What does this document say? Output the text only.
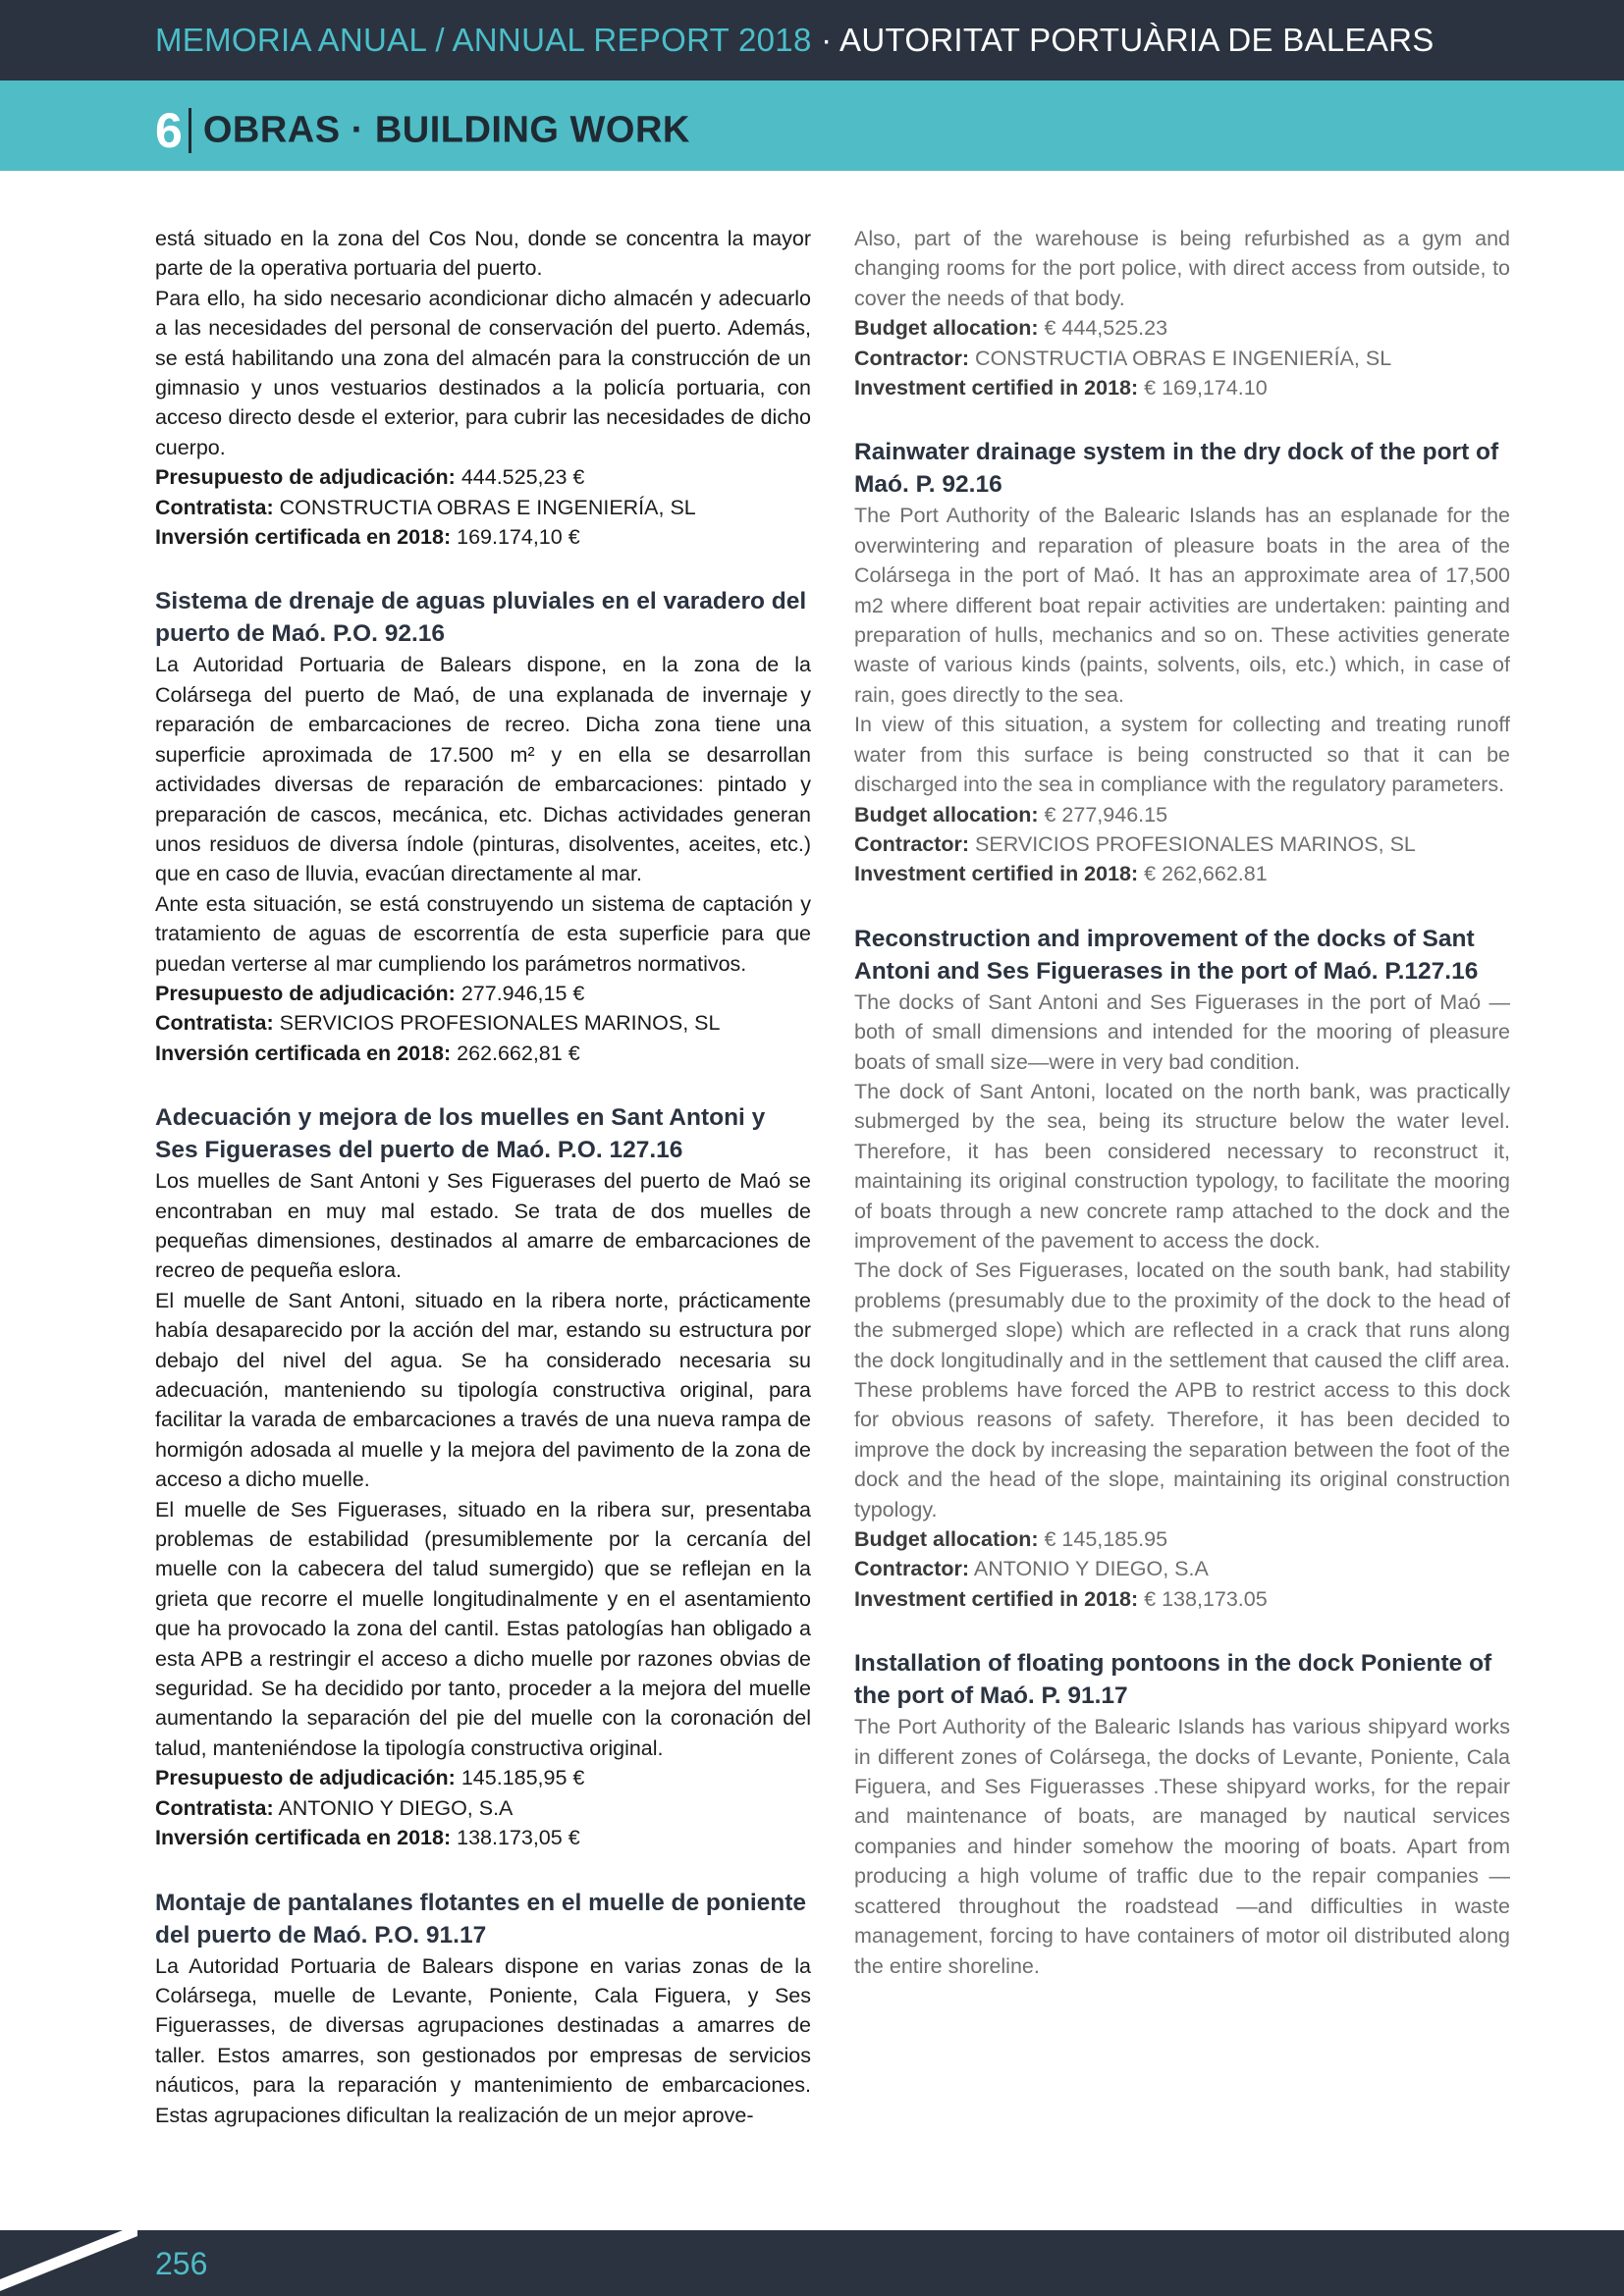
MEMORIA ANUAL / ANNUAL REPORT 2018 · AUTORITAT PORTUÀRIA DE BALEARS
6 OBRAS · BUILDING WORK

está situado en la zona del Cos Nou, donde se concentra la mayor parte de la operativa portuaria del puerto.

Para ello, ha sido necesario acondicionar dicho almacén y adecuarlo a las necesidades del personal de conservación del puerto. Además, se está habilitando una zona del almacén para la construcción de un gimnasio y unos vestuarios destinados a la policía portuaria, con acceso directo desde el exterior, para cubrir las necesidades de dicho cuerpo.

Presupuesto de adjudicación: 444.525,23 €

Contratista: CONSTRUCTIA OBRAS E INGENIERÍA, SL

Inversión certificada en 2018: 169.174,10 €

Sistema de drenaje de aguas pluviales en el varadero del puerto de Maó. P.O. 92.16

La Autoridad Portuaria de Balears dispone, en la zona de la Colársega del puerto de Maó, de una explanada de invernaje y reparación de embarcaciones de recreo. Dicha zona tiene una superficie aproximada de 17.500 m² y en ella se desarrollan actividades diversas de reparación de embarcaciones: pintado y preparación de cascos, mecánica, etc. Dichas actividades generan unos residuos de diversa índole (pinturas, disolventes, aceites, etc.) que en caso de lluvia, evacúan directamente al mar.

Ante esta situación, se está construyendo un sistema de captación y tratamiento de aguas de escorrentía de esta superficie para que puedan verterse al mar cumpliendo los parámetros normativos.

Presupuesto de adjudicación: 277.946,15 €

Contratista: SERVICIOS PROFESIONALES MARINOS, SL

Inversión certificada en 2018: 262.662,81 €

Adecuación y mejora de los muelles en Sant Antoni y Ses Figuerases del puerto de Maó. P.O. 127.16

Los muelles de Sant Antoni y Ses Figuerases del puerto de Maó se encontraban en muy mal estado. Se trata de dos muelles de pequeñas dimensiones, destinados al amarre de embarcaciones de recreo de pequeña eslora.

El muelle de Sant Antoni, situado en la ribera norte, prácticamente había desaparecido por la acción del mar, estando su estructura por debajo del nivel del agua. Se ha considerado necesaria su adecuación, manteniendo su tipología constructiva original, para facilitar la varada de embarcaciones a través de una nueva rampa de hormigón adosada al muelle y la mejora del pavimento de la zona de acceso a dicho muelle.

El muelle de Ses Figuerases, situado en la ribera sur, presentaba problemas de estabilidad (presumiblemente por la cercanía del muelle con la cabecera del talud sumergido) que se reflejan en la grieta que recorre el muelle longitudinalmente y en el asentamiento que ha provocado la zona del cantil. Estas patologías han obligado a esta APB a restringir el acceso a dicho muelle por razones obvias de seguridad. Se ha decidido por tanto, proceder a la mejora del muelle aumentando la separación del pie del muelle con la coronación del talud, manteniéndose la tipología constructiva original.

Presupuesto de adjudicación: 145.185,95 €

Contratista: ANTONIO Y DIEGO, S.A

Inversión certificada en 2018: 138.173,05 €

Montaje de pantalanes flotantes en el muelle de poniente del puerto de Maó. P.O. 91.17

La Autoridad Portuaria de Balears dispone en varias zonas de la Colársega, muelle de Levante, Poniente, Cala Figuera, y Ses Figuerasses, de diversas agrupaciones destinadas a amarres de taller. Estos amarres, son gestionados por empresas de servicios náuticos, para la reparación y mantenimiento de embarcaciones. Estas agrupaciones dificultan la realización de un mejor aprove-

Also, part of the warehouse is being refurbished as a gym and changing rooms for the port police, with direct access from outside, to cover the needs of that body.

Budget allocation: € 444,525.23

Contractor: CONSTRUCTIA OBRAS E INGENIERÍA, SL

Investment certified in 2018: € 169,174.10

Rainwater drainage system in the dry dock of the port of Maó. P. 92.16

The Port Authority of the Balearic Islands has an esplanade for the overwintering and reparation of pleasure boats in the area of the Colársega in the port of Maó. It has an approximate area of 17,500 m2 where different boat repair activities are undertaken: painting and preparation of hulls, mechanics and so on. These activities generate waste of various kinds (paints, solvents, oils, etc.) which, in case of rain, goes directly to the sea.

In view of this situation, a system for collecting and treating runoff water from this surface is being constructed so that it can be discharged into the sea in compliance with the regulatory parameters.

Budget allocation: € 277,946.15

Contractor: SERVICIOS PROFESIONALES MARINOS, SL

Investment certified in 2018: € 262,662.81

Reconstruction and improvement of the docks of Sant Antoni and Ses Figuerases in the port of Maó. P.127.16

The docks of Sant Antoni and Ses Figuerases in the port of Maó —both of small dimensions and intended for the mooring of pleasure boats of small size—were in very bad condition.

The dock of Sant Antoni, located on the north bank, was practically submerged by the sea, being its structure below the water level. Therefore, it has been considered necessary to reconstruct it, maintaining its original construction typology, to facilitate the mooring of boats through a new concrete ramp attached to the dock and the improvement of the pavement to access the dock.

The dock of Ses Figuerases, located on the south bank, had stability problems (presumably due to the proximity of the dock to the head of the submerged slope) which are reflected in a crack that runs along the dock longitudinally and in the settlement that caused the cliff area. These problems have forced the APB to restrict access to this dock for obvious reasons of safety. Therefore, it has been decided to improve the dock by increasing the separation between the foot of the dock and the head of the slope, maintaining its original construction typology.

Budget allocation: € 145,185.95

Contractor: ANTONIO Y DIEGO, S.A

Investment certified in 2018: € 138,173.05

Installation of floating pontoons in the dock Poniente of the port of Maó. P. 91.17

The Port Authority of the Balearic Islands has various shipyard works in different zones of Colársega, the docks of Levante, Poniente, Cala Figuera, and Ses Figuerasses .These shipyard works, for the repair and maintenance of boats, are managed by nautical services companies and hinder somehow the mooring of boats. Apart from producing a high volume of traffic due to the repair companies —scattered throughout the roadstead —and difficulties in waste management, forcing to have containers of motor oil distributed along the entire shoreline.

256
